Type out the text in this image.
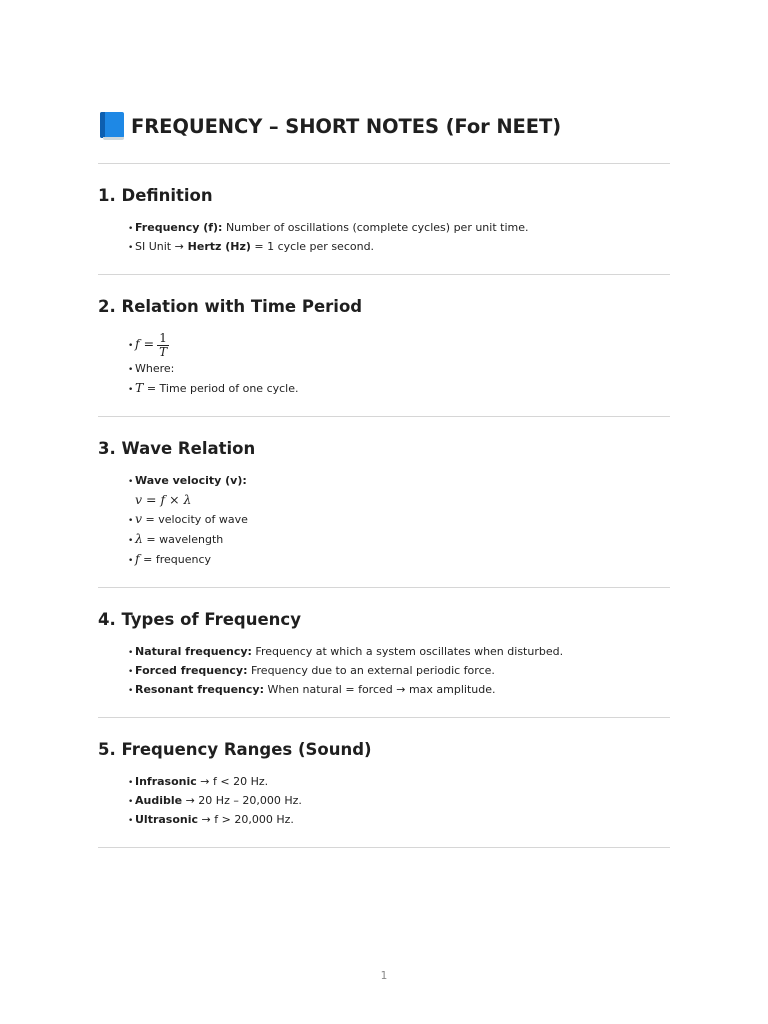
FREQUENCY – SHORT NOTES (For NEET)
1. Definition
• Frequency (f): Number of oscillations (complete cycles) per unit time.
• SI Unit → Hertz (Hz) = 1 cycle per second.
2. Relation with Time Period
• $f = \frac{1}{T}$
• Where:
• T = Time period of one cycle.
3. Wave Relation
• Wave velocity (v):
v = f × λ
• v = velocity of wave
• λ = wavelength
• f = frequency
4. Types of Frequency
• Natural frequency: Frequency at which a system oscillates when disturbed.
• Forced frequency: Frequency due to an external periodic force.
• Resonant frequency: When natural = forced → max amplitude.
5. Frequency Ranges (Sound)
• Infrasonic → f < 20 Hz.
• Audible → 20 Hz – 20,000 Hz.
• Ultrasonic → f > 20,000 Hz.
1
